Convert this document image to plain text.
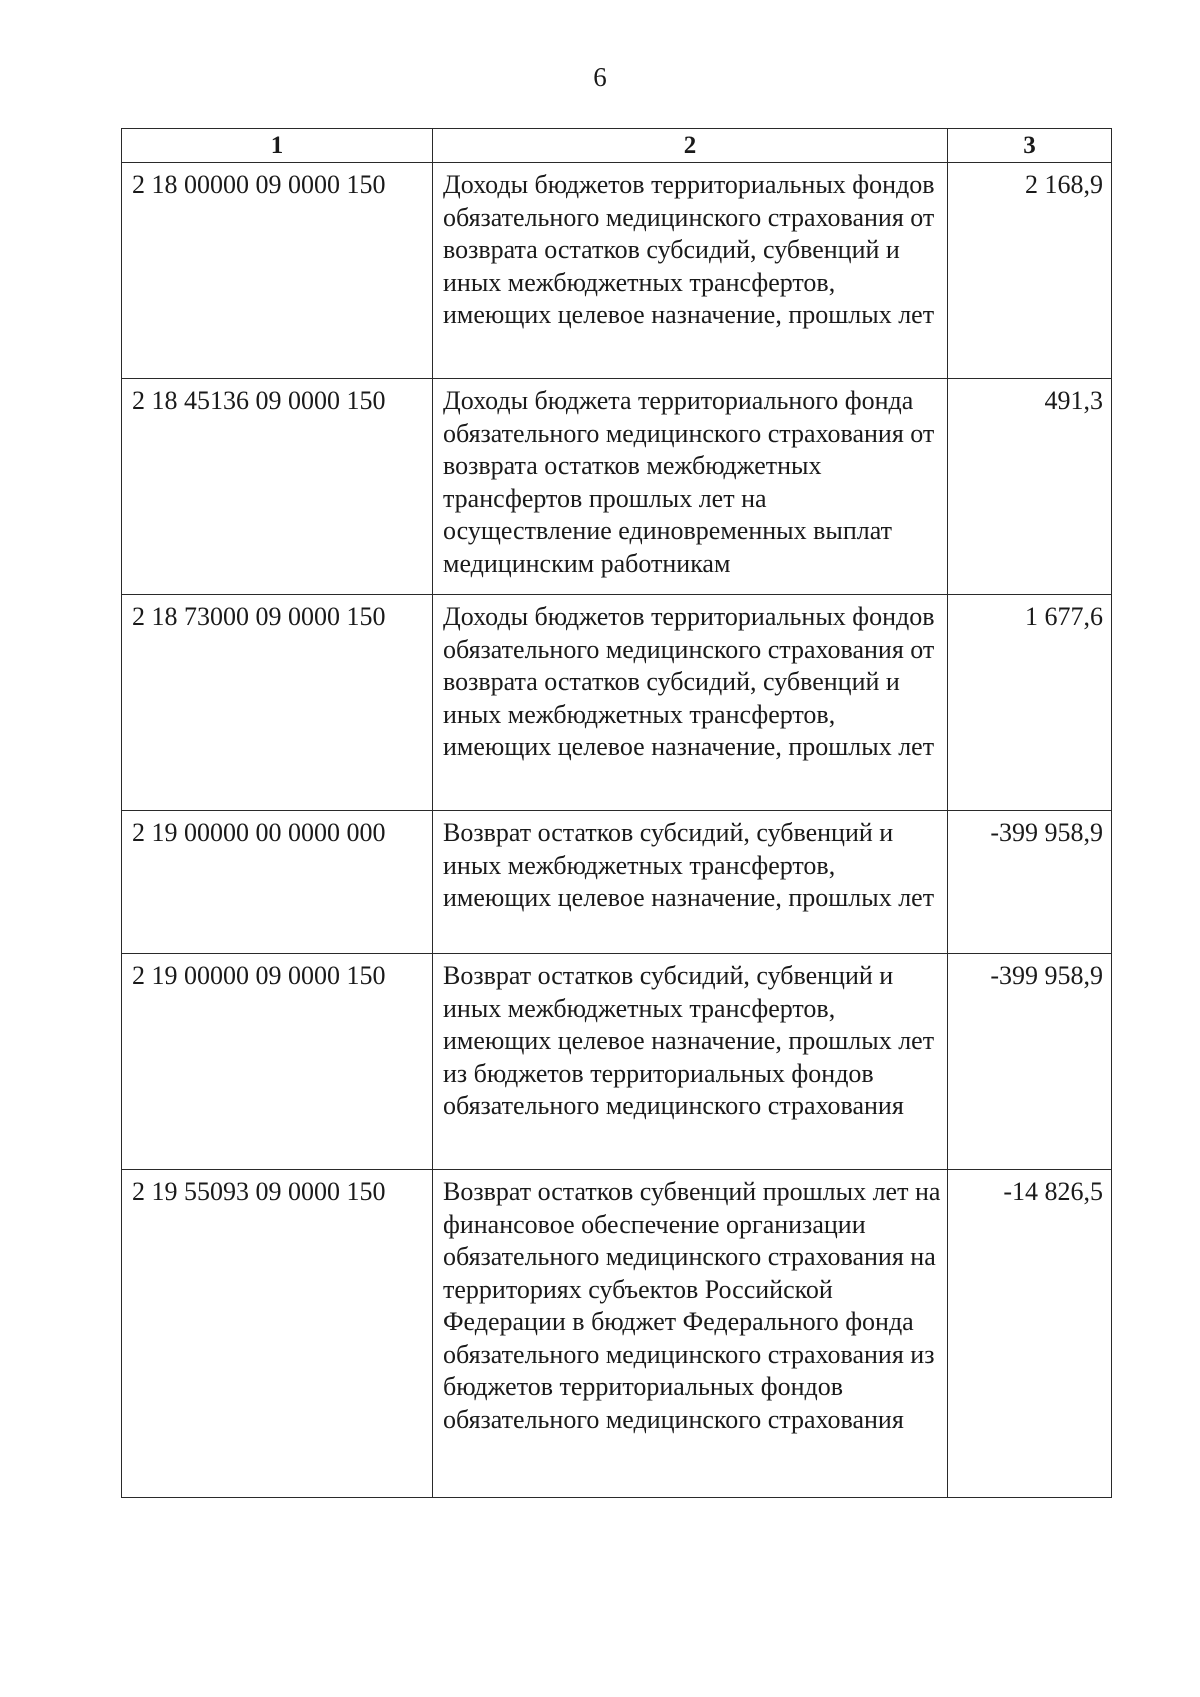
6
1	2	3
2 18 00000 09 0000 150	Доходы бюджетов территориальных фондов обязательного медицинского страхования от возврата остатков субсидий, субвенций и иных межбюджетных трансфертов, имеющих целевое назначение, прошлых лет	2 168,9
2 18 45136 09 0000 150	Доходы бюджета территориального фонда обязательного медицинского страхования от возврата остатков межбюджетных трансфертов прошлых лет на осуществление единовременных выплат медицинским работникам	491,3
2 18 73000 09 0000 150	Доходы бюджетов территориальных фондов обязательного медицинского страхования от возврата остатков субсидий, субвенций и иных межбюджетных трансфертов, имеющих целевое назначение, прошлых лет	1 677,6
2 19 00000 00 0000 000	Возврат остатков субсидий, субвенций и иных межбюджетных трансфертов, имеющих целевое назначение, прошлых лет	-399 958,9
2 19 00000 09 0000 150	Возврат остатков субсидий, субвенций и иных межбюджетных трансфертов, имеющих целевое назначение, прошлых лет из бюджетов территориальных фондов обязательного медицинского страхования	-399 958,9
2 19 55093 09 0000 150	Возврат остатков субвенций прошлых лет на финансовое обеспечение организации обязательного медицинского страхования на территориях субъектов Российской Федерации в бюджет Федерального фонда обязательного медицинского страхования из бюджетов территориальных фондов обязательного медицинского страхования	-14 826,5
